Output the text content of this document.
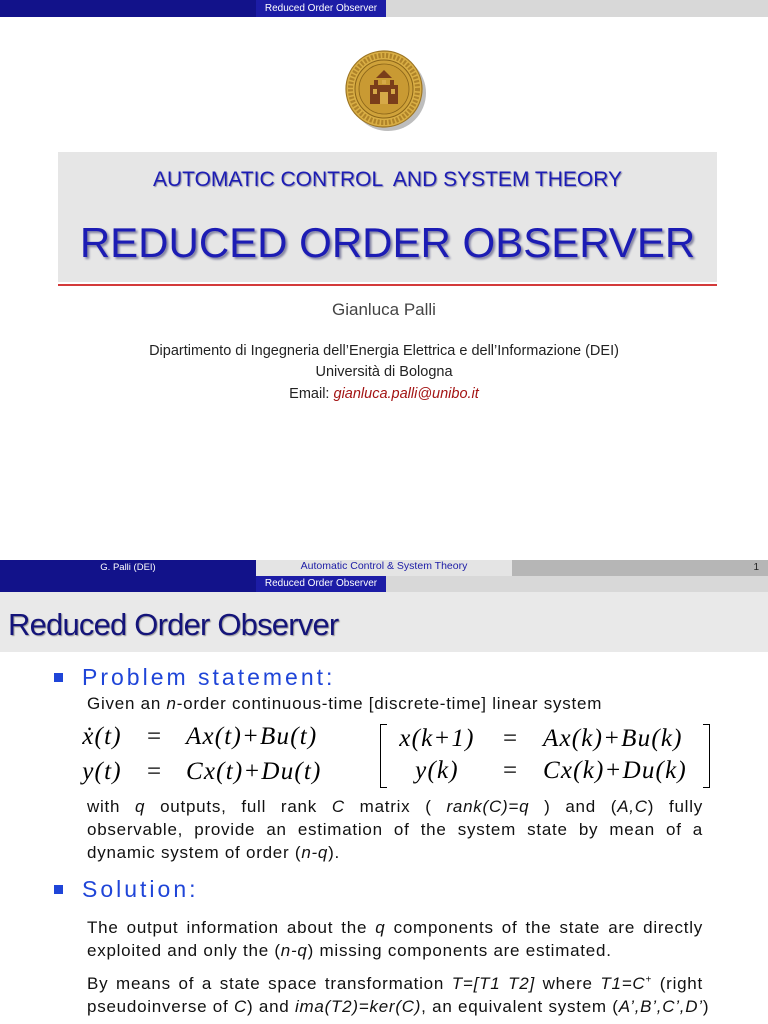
Reduced Order Observer
AUTOMATIC CONTROL  AND SYSTEM THEORY
REDUCED ORDER OBSERVER
Gianluca Palli
Dipartimento di Ingegneria dell’Energia Elettrica e dell’Informazione (DEI)
Università di Bologna
Email: gianluca.palli@unibo.it
G. Palli (DEI)	Automatic Control & System Theory	1
Reduced Order Observer
Reduced Order Observer
Problem statement:
Given an n-order continuous-time [discrete-time] linear system
ẋ(t)	= Ax(t)+Bu(t)
y(t)	= Cx(t)+Du(t)
x(k+1)	= Ax(k)+Bu(k)
y(k)	= Cx(k)+Du(k)
with q outputs, full rank C matrix ( rank(C)=q ) and (A,C) fully
observable, provide an estimation of the system state by mean of a
dynamic system of order (n-q).
Solution:
The output information about the q components of the state are directly
exploited and only the (n-q) missing components are estimated.
By means of a state space transformation T=[T1 T2] where T1=C+ (right
pseudoinverse of C) and ima(T2)=ker(C), an equivalent system (A’,B’,C’,D’)
